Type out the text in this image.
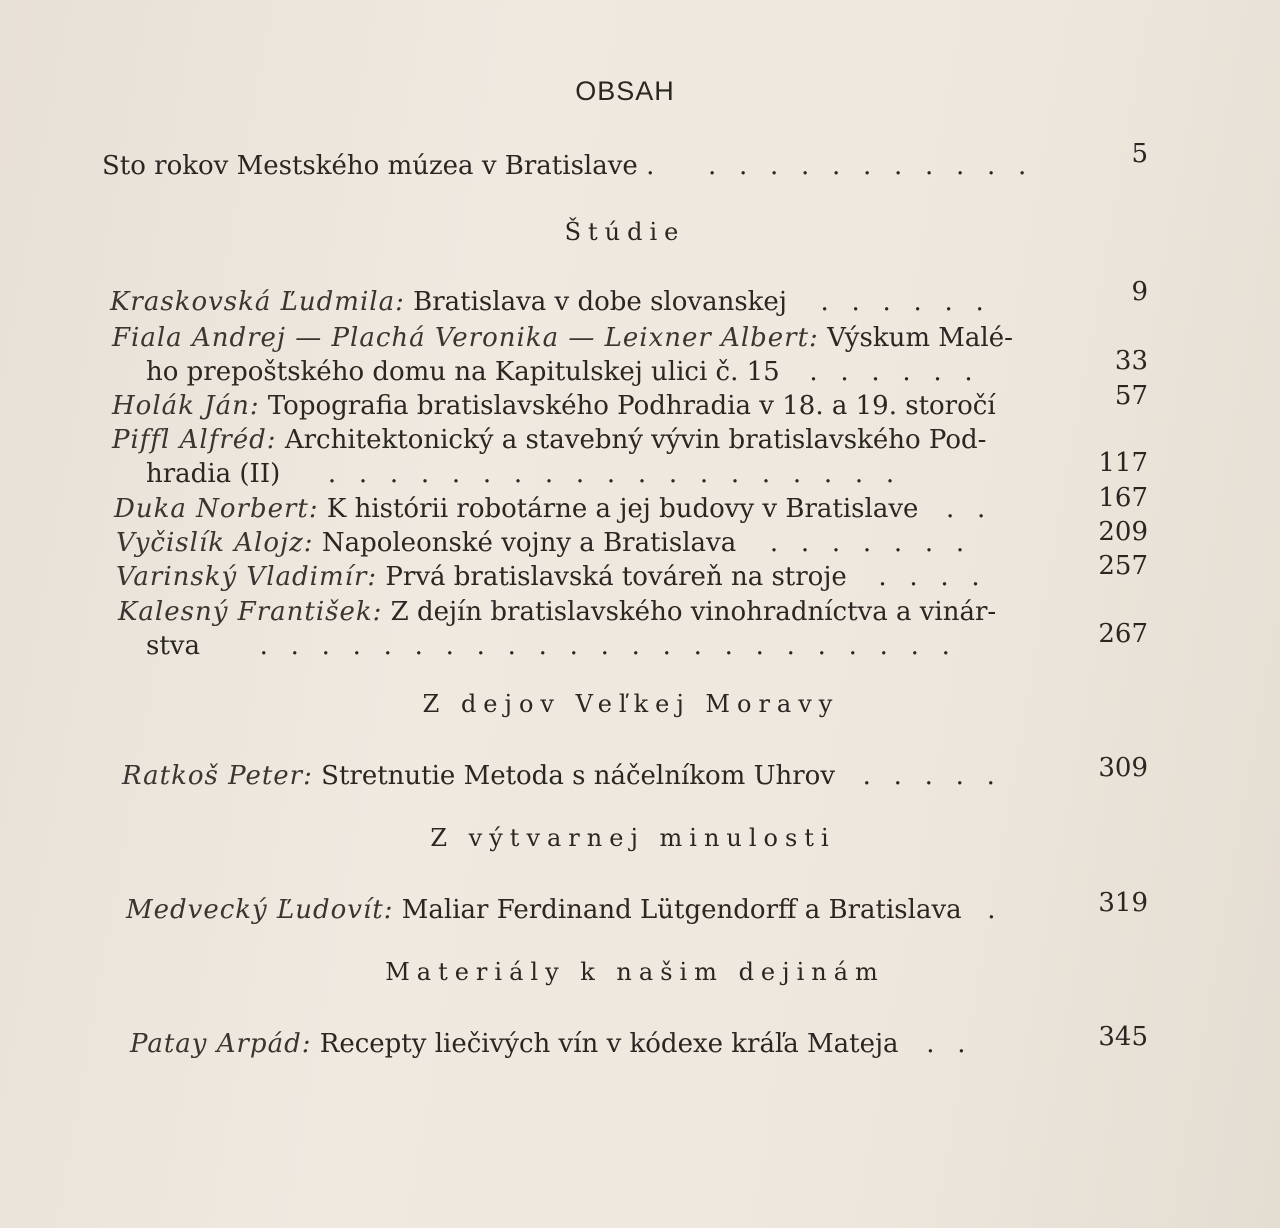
OBSAH
Sto rokov Mestského múzea v Bratislave . . . . . . . . . . . .	5
Štúdie
Kraskovská Ľudmila: Bratislava v dobe slovanskej . . . . . .	9
Fiala Andrej — Plachá Veronika — Leixner Albert: Výskum Malé-
ho prepoštského domu na Kapitulskej ulici č. 15 . . . . . .	33
Holák Ján: Topografia bratislavského Podhradia v 18. a 19. storočí	57
Piffl Alfréd: Architektonický a stavebný vývin bratislavského Pod-
hradia (II) . . . . . . . . . . . . . . . . . . .	117
Duka Norbert: K histórii robotárne a jej budovy v Bratislave . .	167
Vyčislík Alojz: Napoleonské vojny a Bratislava . . . . . . .	209
Varinský Vladimír: Prvá bratislavská továreň na stroje . . . .	257
Kalesný František: Z dejín bratislavského vinohradníctva a vinár-
stva . . . . . . . . . . . . . . . . . . . . . . .	267
Z dejov Veľkej Moravy
Ratkoš Peter: Stretnutie Metoda s náčelníkom Uhrov . . . . .	309
Z výtvarnej minulosti
Medvecký Ľudovít: Maliar Ferdinand Lütgendorff a Bratislava .	319
Materiály k našim dejinám
Patay Arpád: Recepty liečivých vín v kódexe kráľa Mateja . .	345
